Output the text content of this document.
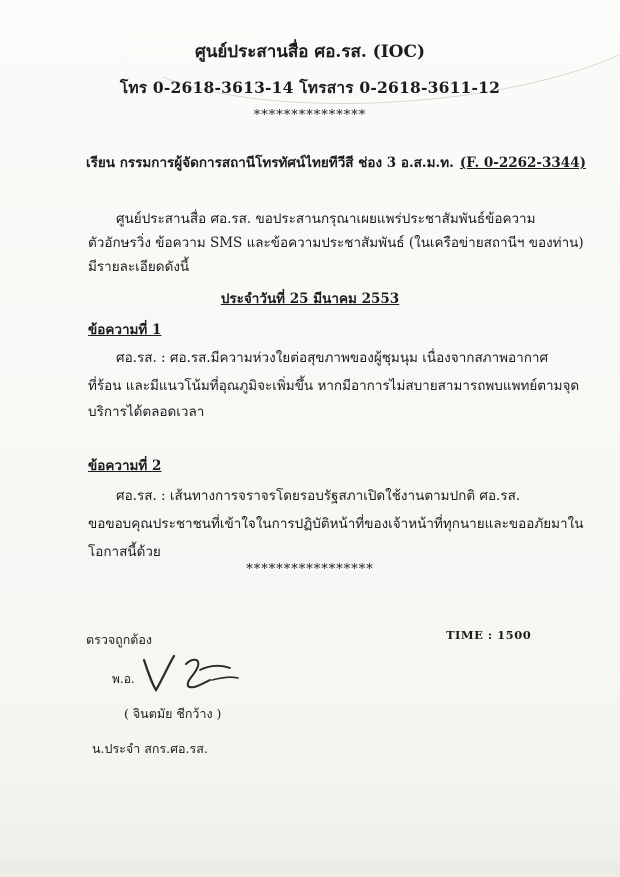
ศูนย์ประสานสื่อ ศอ.รส. (IOC)
โทร 0-2618-3613-14 โทรสาร 0-2618-3611-12
***************
เรียน กรรมการผู้จัดการสถานีโทรทัศน์ไทยทีวีสี ช่อง 3 อ.ส.ม.ท. (F. 0-2262-3344)
ศูนย์ประสานสื่อ ศอ.รส. ขอประสานกรุณาเผยแพร่ประชาสัมพันธ์ข้อความ
ตัวอักษรวิ่ง ข้อความ SMS และข้อความประชาสัมพันธ์ (ในเครือข่ายสถานีฯ ของท่าน)
มีรายละเอียดดังนี้
ประจำวันที่ 25 มีนาคม 2553
ข้อความที่ 1
ศอ.รส. : ศอ.รส.มีความห่วงใยต่อสุขภาพของผู้ชุมนุม เนื่องจากสภาพอากาศ
ที่ร้อน และมีแนวโน้มที่อุณภูมิจะเพิ่มขึ้น หากมีอาการไม่สบายสามารถพบแพทย์ตามจุด
บริการได้ตลอดเวลา
ข้อความที่ 2
ศอ.รส. : เส้นทางการจราจรโดยรอบรัฐสภาเปิดใช้งานตามปกติ ศอ.รส.
ขอขอบคุณประชาชนที่เข้าใจในการปฏิบัติหน้าที่ของเจ้าหน้าที่ทุกนายและขออภัยมาใน
โอกาสนี้ด้วย
*****************
ตรวจถูกต้อง	TIME : 1500
พ.อ.
( จินตมัย ชีกว้าง )
น.ประจำ สกร.ศอ.รส.
